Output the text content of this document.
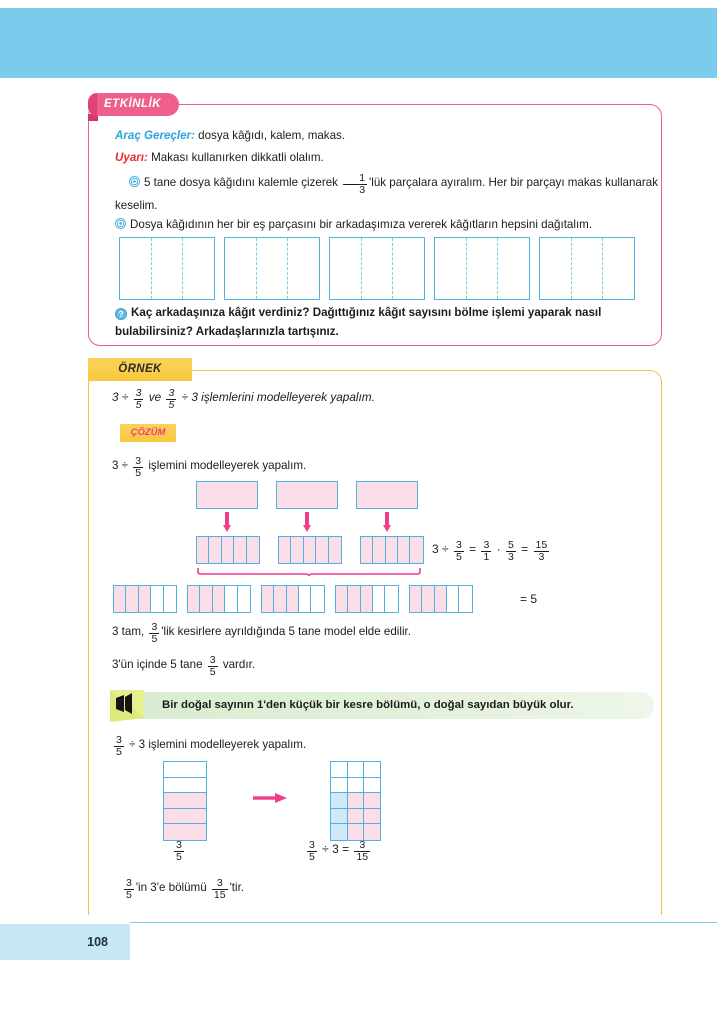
Araç Gereçler: dosya kâğıdı, kalem, makas.
Uyarı: Makası kullanırken dikkatli olalım.
5 tane dosya kâğıdını kalemle çizerek $\frac{1}{3}$ 'lük parçalara ayıralım. Her bir parçayı makas kullanarak keselim.
Dosya kâğıdının her bir eş parçasını bir arkadaşımıza vererek kâğıtların hepsini dağıtalım.
? Kaç arkadaşınıza kâğıt verdiniz? Dağıttığınız kâğıt sayısını bölme işlemi yaparak nasıl bulabilirsiniz? Arkadaşlarınızla tartışınız.
ETKİNLİK
ÖRNEK
$3 \div \frac{3}{5}$ ve $\frac{3}{5} \div 3$ işlemlerini modelleyerek yapalım.
ÇÖZÜM
$3 \div \frac{3}{5}$ işlemini modelleyerek yapalım.
$3 \div \frac{3}{5} = \frac{3}{1} \cdot \frac{5}{3} = \frac{15}{3}$
= 5
3 tam, $\frac{3}{5}$ 'lik kesirlere ayrıldığında 5 tane model elde edilir.
3'ün içinde 5 tane $\frac{3}{5}$ vardır.
Bir doğal sayının 1'den küçük bir kesre bölümü, o doğal sayıdan büyük olur.
$\frac{3}{5} \div 3$ işlemini modelleyerek yapalım.
$\frac{3}{5}$	$\frac{3}{5} \div 3 = \frac{3}{15}$
$\frac{3}{5}$ 'in 3'e bölümü $\frac{3}{15}$ 'tir.
108
